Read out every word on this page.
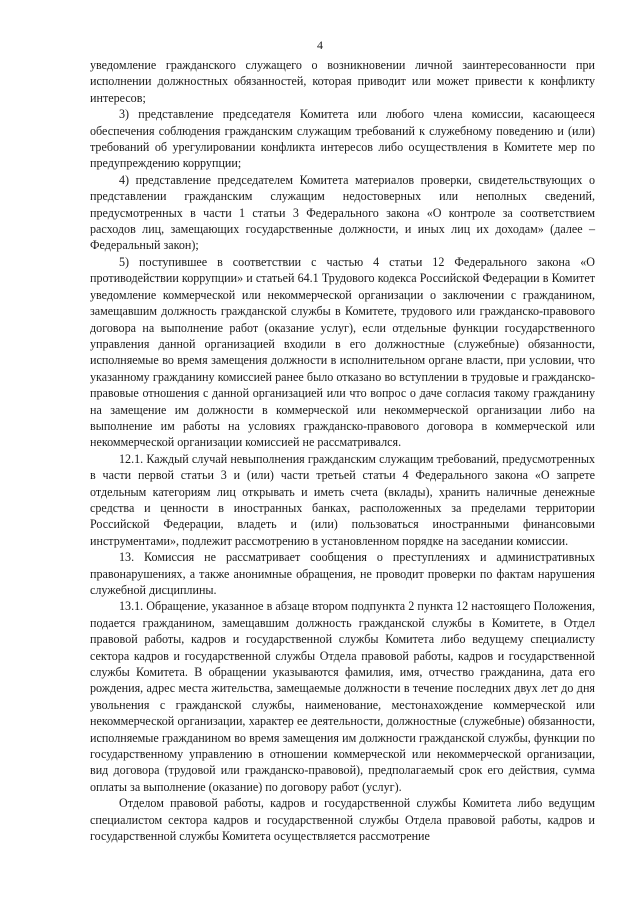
4

уведомление гражданского служащего о возникновении личной заинтересованности при исполнении должностных обязанностей, которая приводит или может привести к конфликту интересов;

3) представление председателя Комитета или любого члена комиссии, касающееся обеспечения соблюдения гражданским служащим требований к служебному поведению и (или) требований об урегулировании конфликта интересов либо осуществления в Комитете мер по предупреждению коррупции;

4) представление председателем Комитета материалов проверки, свидетельствующих о представлении гражданским служащим недостоверных или неполных сведений, предусмотренных в части 1 статьи 3 Федерального закона «О контроле за соответствием расходов лиц, замещающих государственные должности, и иных лиц их доходам» (далее – Федеральный закон);

5) поступившее в соответствии с частью 4 статьи 12 Федерального закона «О противодействии коррупции» и статьей 64.1 Трудового кодекса Российской Федерации в Комитет уведомление коммерческой или некоммерческой организации о заключении с гражданином, замещавшим должность гражданской службы в Комитете, трудового или гражданско-правового договора на выполнение работ (оказание услуг), если отдельные функции государственного управления данной организацией входили в его должностные (служебные) обязанности, исполняемые во время замещения должности в исполнительном органе власти, при условии, что указанному гражданину комиссией ранее было отказано во вступлении в трудовые и гражданско-правовые отношения с данной организацией или что вопрос о даче согласия такому гражданину на замещение им должности в коммерческой или некоммерческой организации либо на выполнение им работы на условиях гражданско-правового договора в коммерческой или некоммерческой организации комиссией не рассматривался.

12.1. Каждый случай невыполнения гражданским служащим требований, предусмотренных в части первой статьи 3 и (или) части третьей статьи 4 Федерального закона «О запрете отдельным категориям лиц открывать и иметь счета (вклады), хранить наличные денежные средства и ценности в иностранных банках, расположенных за пределами территории Российской Федерации, владеть и (или) пользоваться иностранными финансовыми инструментами», подлежит рассмотрению в установленном порядке на заседании комиссии.

13. Комиссия не рассматривает сообщения о преступлениях и административных правонарушениях, а также анонимные обращения, не проводит проверки по фактам нарушения служебной дисциплины.

13.1. Обращение, указанное в абзаце втором подпункта 2 пункта 12 настоящего Положения, подается гражданином, замещавшим должность гражданской службы в Комитете, в Отдел правовой работы, кадров и государственной службы Комитета либо ведущему специалисту сектора кадров и государственной службы Отдела правовой работы, кадров и государственной службы Комитета. В обращении указываются фамилия, имя, отчество гражданина, дата его рождения, адрес места жительства, замещаемые должности в течение последних двух лет до дня увольнения с гражданской службы, наименование, местонахождение коммерческой или некоммерческой организации, характер ее деятельности, должностные (служебные) обязанности, исполняемые гражданином во время замещения им должности гражданской службы, функции по государственному управлению в отношении коммерческой или некоммерческой организации, вид договора (трудовой или гражданско-правовой), предполагаемый срок его действия, сумма оплаты за выполнение (оказание) по договору работ (услуг).

Отделом правовой работы, кадров и государственной службы Комитета либо ведущим специалистом сектора кадров и государственной службы Отдела правовой работы, кадров и государственной службы Комитета осуществляется рассмотрение
